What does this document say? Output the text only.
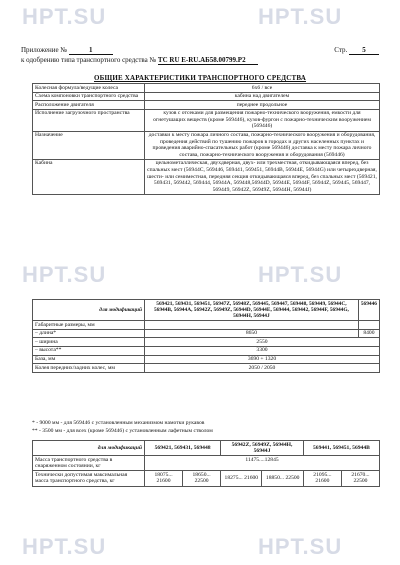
HPT.SU	HPT.SU
HPT.SU	HPT.SU
HPT.SU	HPT.SU
Приложение №	1	Стр. 5
к одобрению типа транспортного средства № ТС RU E-RU.АБ58.00799.Р2
ОБЩИЕ ХАРАКТЕРИСТИКИ ТРАНСПОРТНОГО СРЕДСТВА
Колесная формула/ведущие колеса	6x6 / все
Схема компоновки транспортного средства	кабина над двигателем
Расположение двигателя	переднее продольное
Исполнение загрузочного пространства	кузов с отсеками для размещения пожарно-технического вооружения, емкости для огнетушащих веществ (кроме 569446), кузов-фургон с пожарно-техническим вооружением (569446)
Назначение	доставки к месту пожара личного состава, пожарно-технического вооружения и оборудования, проведения действий по тушению пожаров в городах и других населенных пунктах и проведения аварийно-спасательных работ (кроме 569446) доставка к месту пожара личного состава, пожарно-технического вооружения и оборудования (569446)
Кабина	цельнометаллическая, двухдверная, двух- или трехместная, откидывающаяся вперед, без спальных мест (56944С, 569446, 569441, 569451, 56944В, 56944Е, 56944G) или четырехдверная, шести- или семиместная, передняя секция откидывающаяся вперед, без спальных мест (569421, 569431, 569442, 569444, 56944А, 569448,56944D, 56944E, 56944F, 56944Z, 569445, 569447, 569449, 56942Z, 56949Z, 56944H, 56944J)
для модификаций	569421, 569431, 569451, 56947Z, 56948Z, 569445, 569447, 569448, 569449, 56944C, 56944B, 56944A, 56942Z, 56949Z, 56944D, 56944E, 569444, 569442, 56944F, 56944G, 56944H, 56944J	569446
Габаритные размеры, мм		
– длина*	8650	8400
– ширина	2550	
– высота**	3300	
База, мм	3690 + 1320	
Колея передних/задних колес, мм	2050 / 2050	
* - 9000 мм - для 569446 с установленным механизмом намотки рукавов
** - 3500 мм - для всех (кроме 569446) с установленным лафетным стволом
для модификаций	569421, 569431, 569448		56942Z, 56949Z, 56944H, 56944J		569441, 569451, 56944B	
Масса транспортного средства в снаряженном состоянии, кг	11475....12845					
Технически допустимая максимальная масса транспортного средства, кг	18075... 21600	18650... 22500	18275... 21600	18850... 22500	21095... 21600	21670... 22500
